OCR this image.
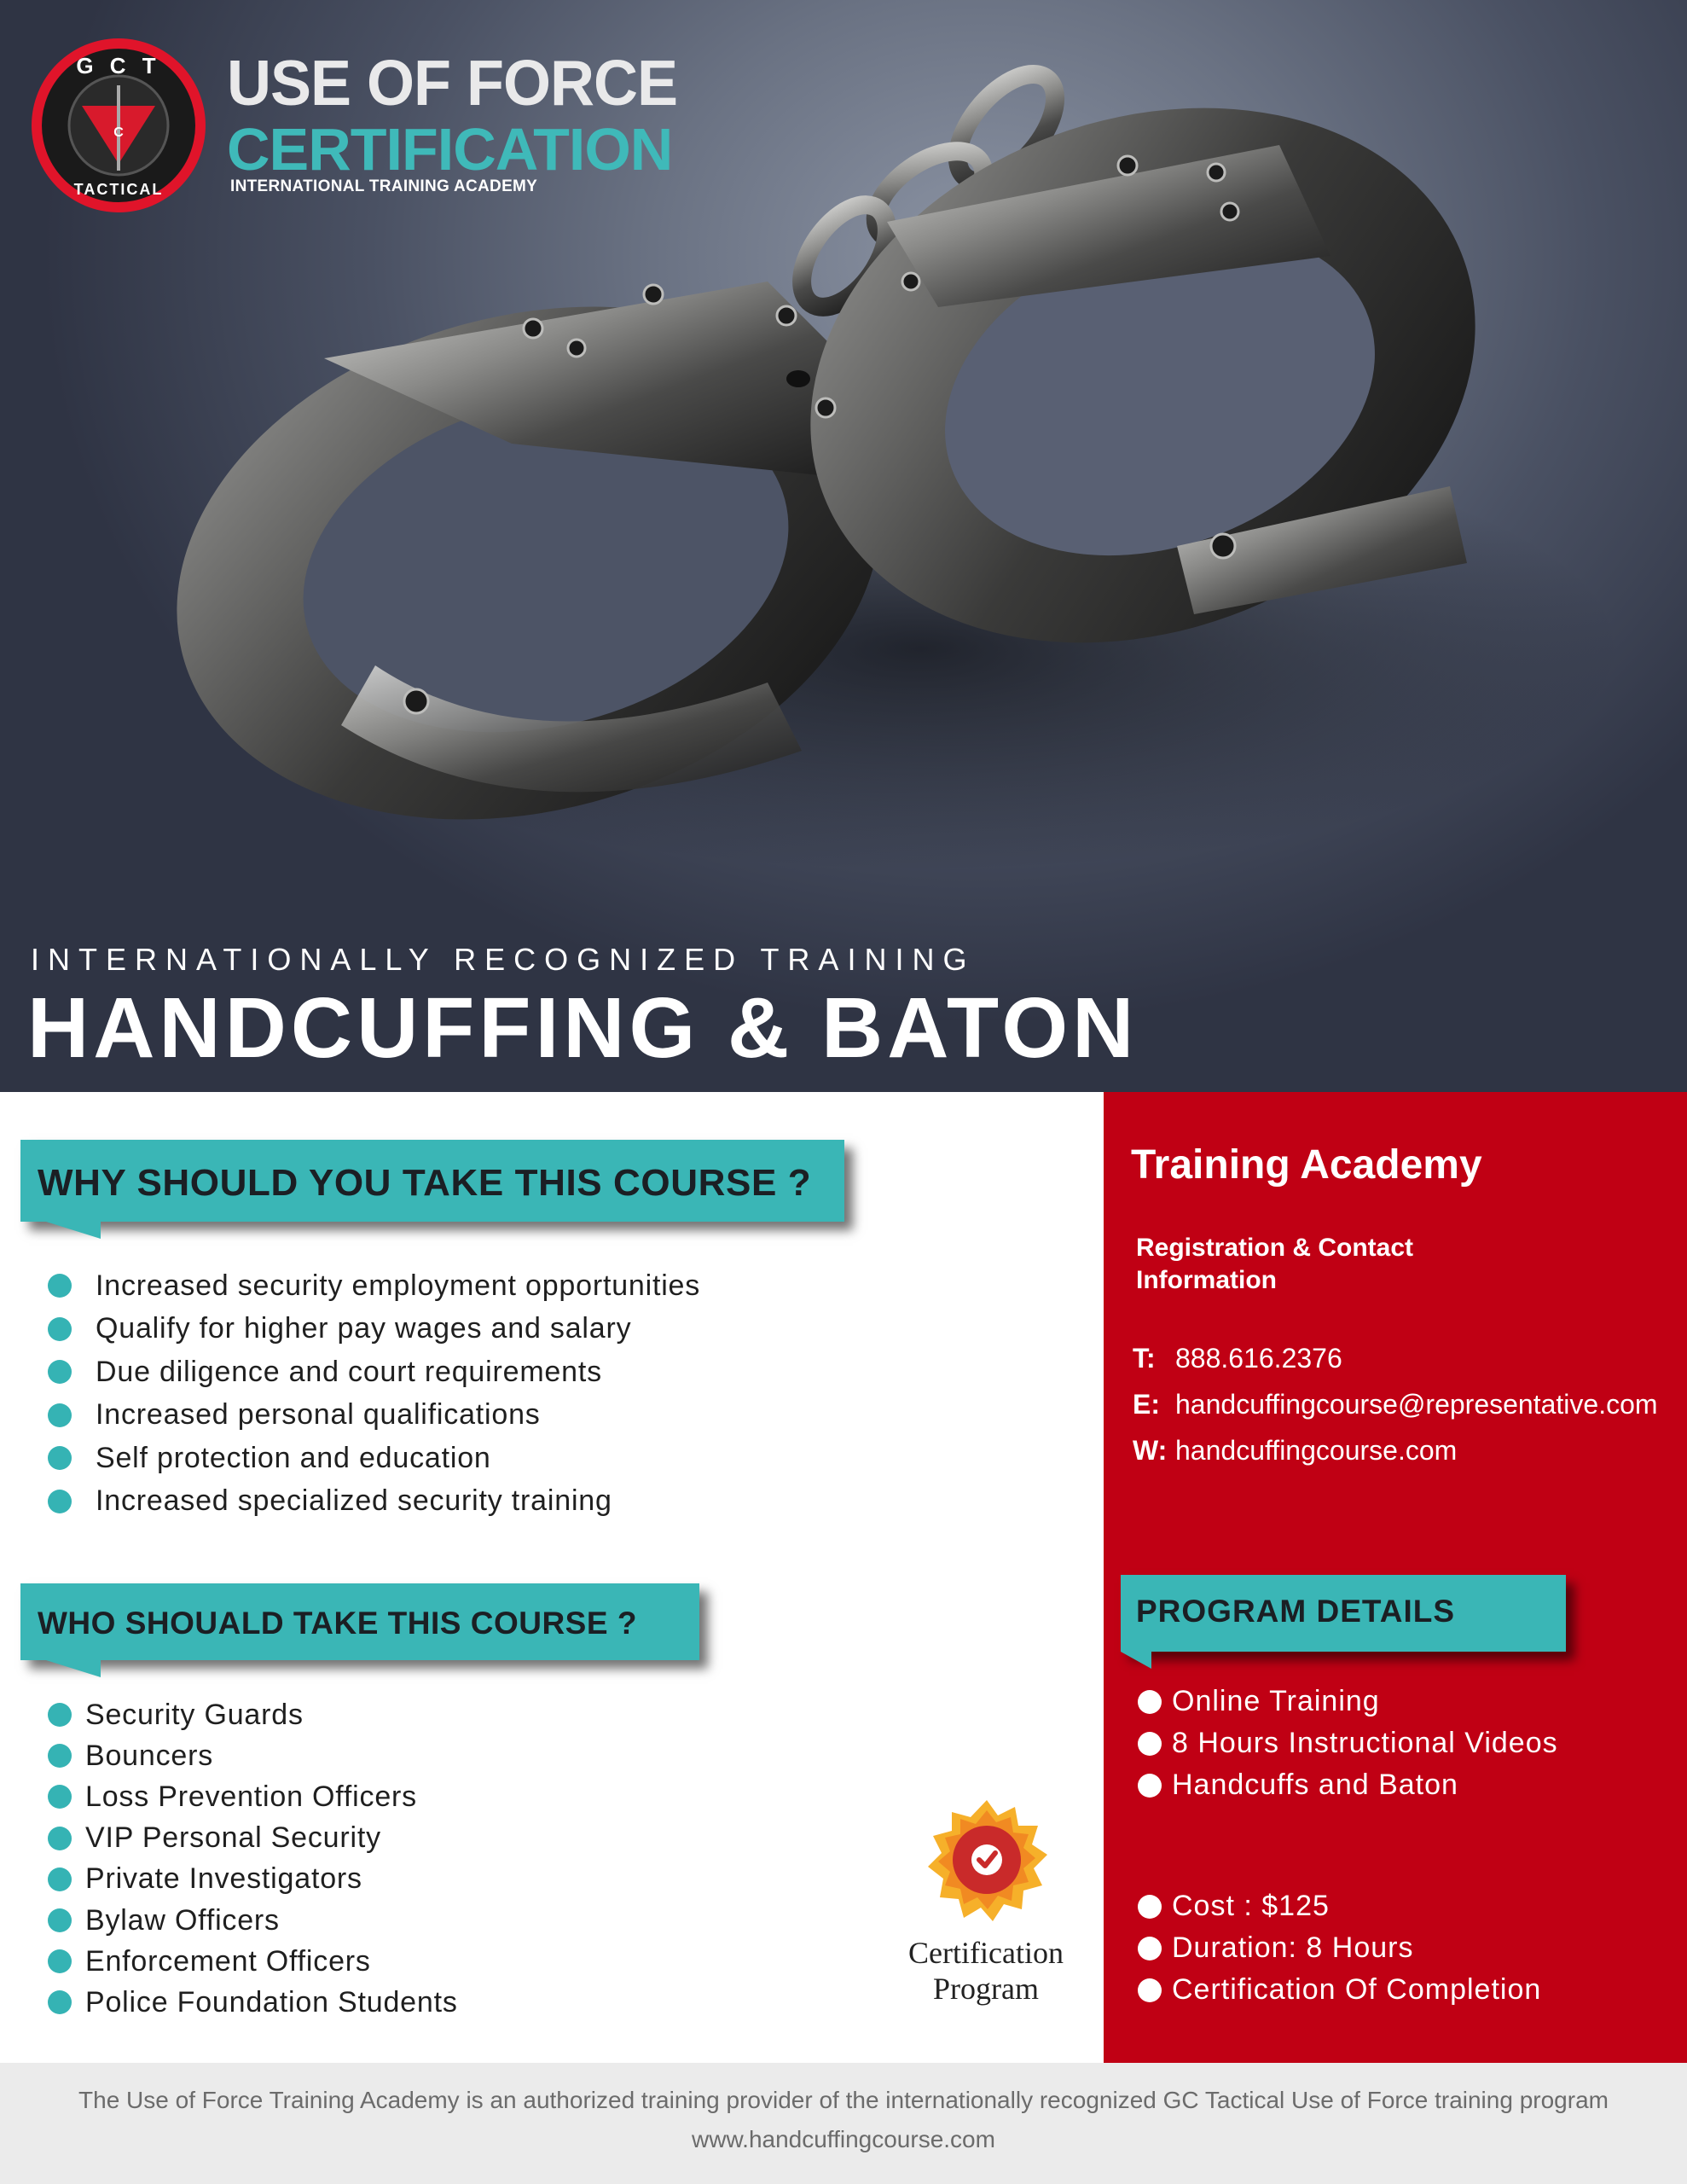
C
G C T
TACTICAL
USE OF FORCE
CERTIFICATION
INTERNATIONAL TRAINING ACADEMY
INTERNATIONALLY RECOGNIZED TRAINING
HANDCUFFING & BATON
WHY SHOULD YOU TAKE THIS COURSE ?
Increased security employment opportunities
Qualify for higher pay wages and salary
Due diligence and court requirements
Increased personal qualifications
Self protection and education
Increased specialized security training
WHO SHOUALD TAKE THIS COURSE ?
Security Guards
Bouncers
Loss Prevention Officers
VIP Personal Security
Private Investigators
Bylaw Officers
Enforcement Officers
Police Foundation Students
Certification
Program
Training Academy
Registration & Contact Information
T: 888.616.2376
E: handcuffingcourse@representative.com
W: handcuffingcourse.com
PROGRAM DETAILS
Online Training
8 Hours Instructional Videos
Handcuffs and Baton
Cost : $125
Duration: 8 Hours
Certification Of Completion
The Use of Force Training Academy is an authorized training provider of the internationally recognized GC Tactical Use of Force training program
www.handcuffingcourse.com
